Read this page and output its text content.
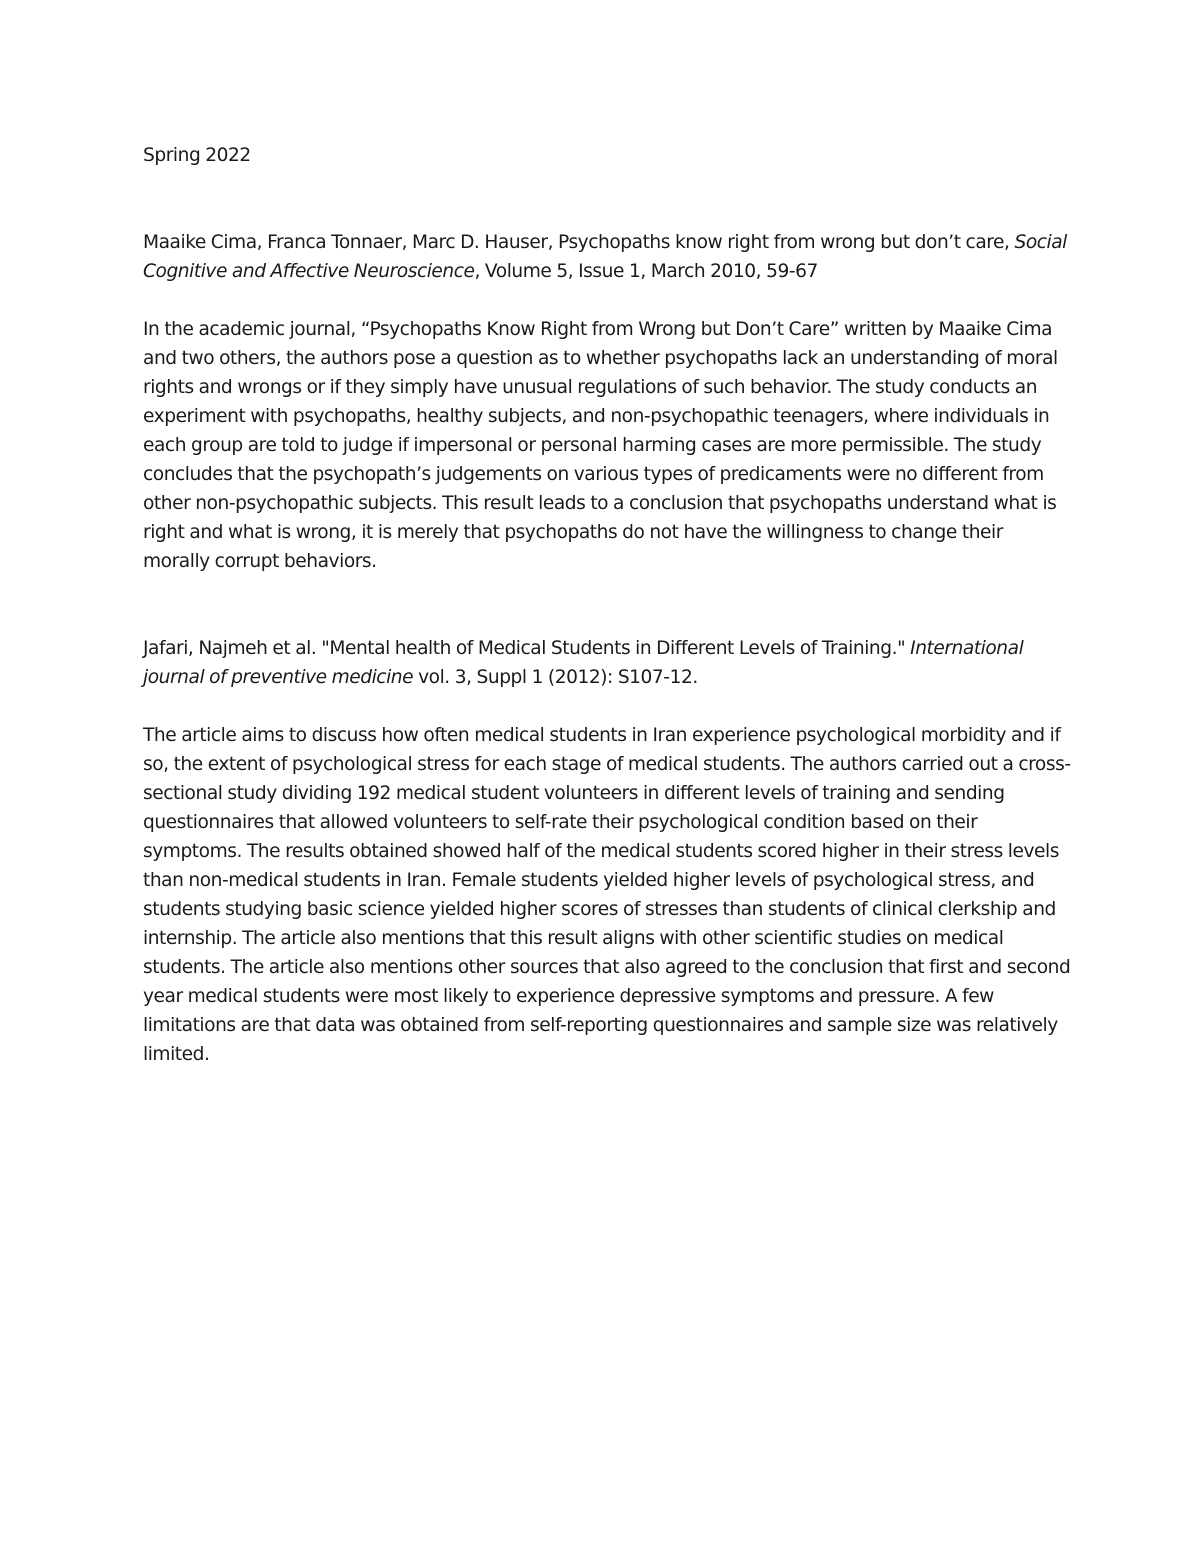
Spring 2022

Maaike Cima, Franca Tonnaer, Marc D. Hauser, Psychopaths know right from wrong but don’t care, Social Cognitive and Affective Neuroscience, Volume 5, Issue 1, March 2010, 59-67

In the academic journal, “Psychopaths Know Right from Wrong but Don’t Care” written by Maaike Cima and two others, the authors pose a question as to whether psychopaths lack an understanding of moral rights and wrongs or if they simply have unusual regulations of such behavior. The study conducts an experiment with psychopaths, healthy subjects, and non-psychopathic teenagers, where individuals in each group are told to judge if impersonal or personal harming cases are more permissible. The study concludes that the psychopath’s judgements on various types of predicaments were no different from other non-psychopathic subjects. This result leads to a conclusion that psychopaths understand what is right and what is wrong, it is merely that psychopaths do not have the willingness to change their morally corrupt behaviors.

Jafari, Najmeh et al. "Mental health of Medical Students in Different Levels of Training." International journal of preventive medicine vol. 3, Suppl 1 (2012): S107-12.

The article aims to discuss how often medical students in Iran experience psychological morbidity and if so, the extent of psychological stress for each stage of medical students. The authors carried out a cross-sectional study dividing 192 medical student volunteers in different levels of training and sending questionnaires that allowed volunteers to self-rate their psychological condition based on their symptoms. The results obtained showed half of the medical students scored higher in their stress levels than non-medical students in Iran. Female students yielded higher levels of psychological stress, and students studying basic science yielded higher scores of stresses than students of clinical clerkship and internship. The article also mentions that this result aligns with other scientific studies on medical students. The article also mentions other sources that also agreed to the conclusion that first and second year medical students were most likely to experience depressive symptoms and pressure. A few limitations are that data was obtained from self-reporting questionnaires and sample size was relatively limited.
